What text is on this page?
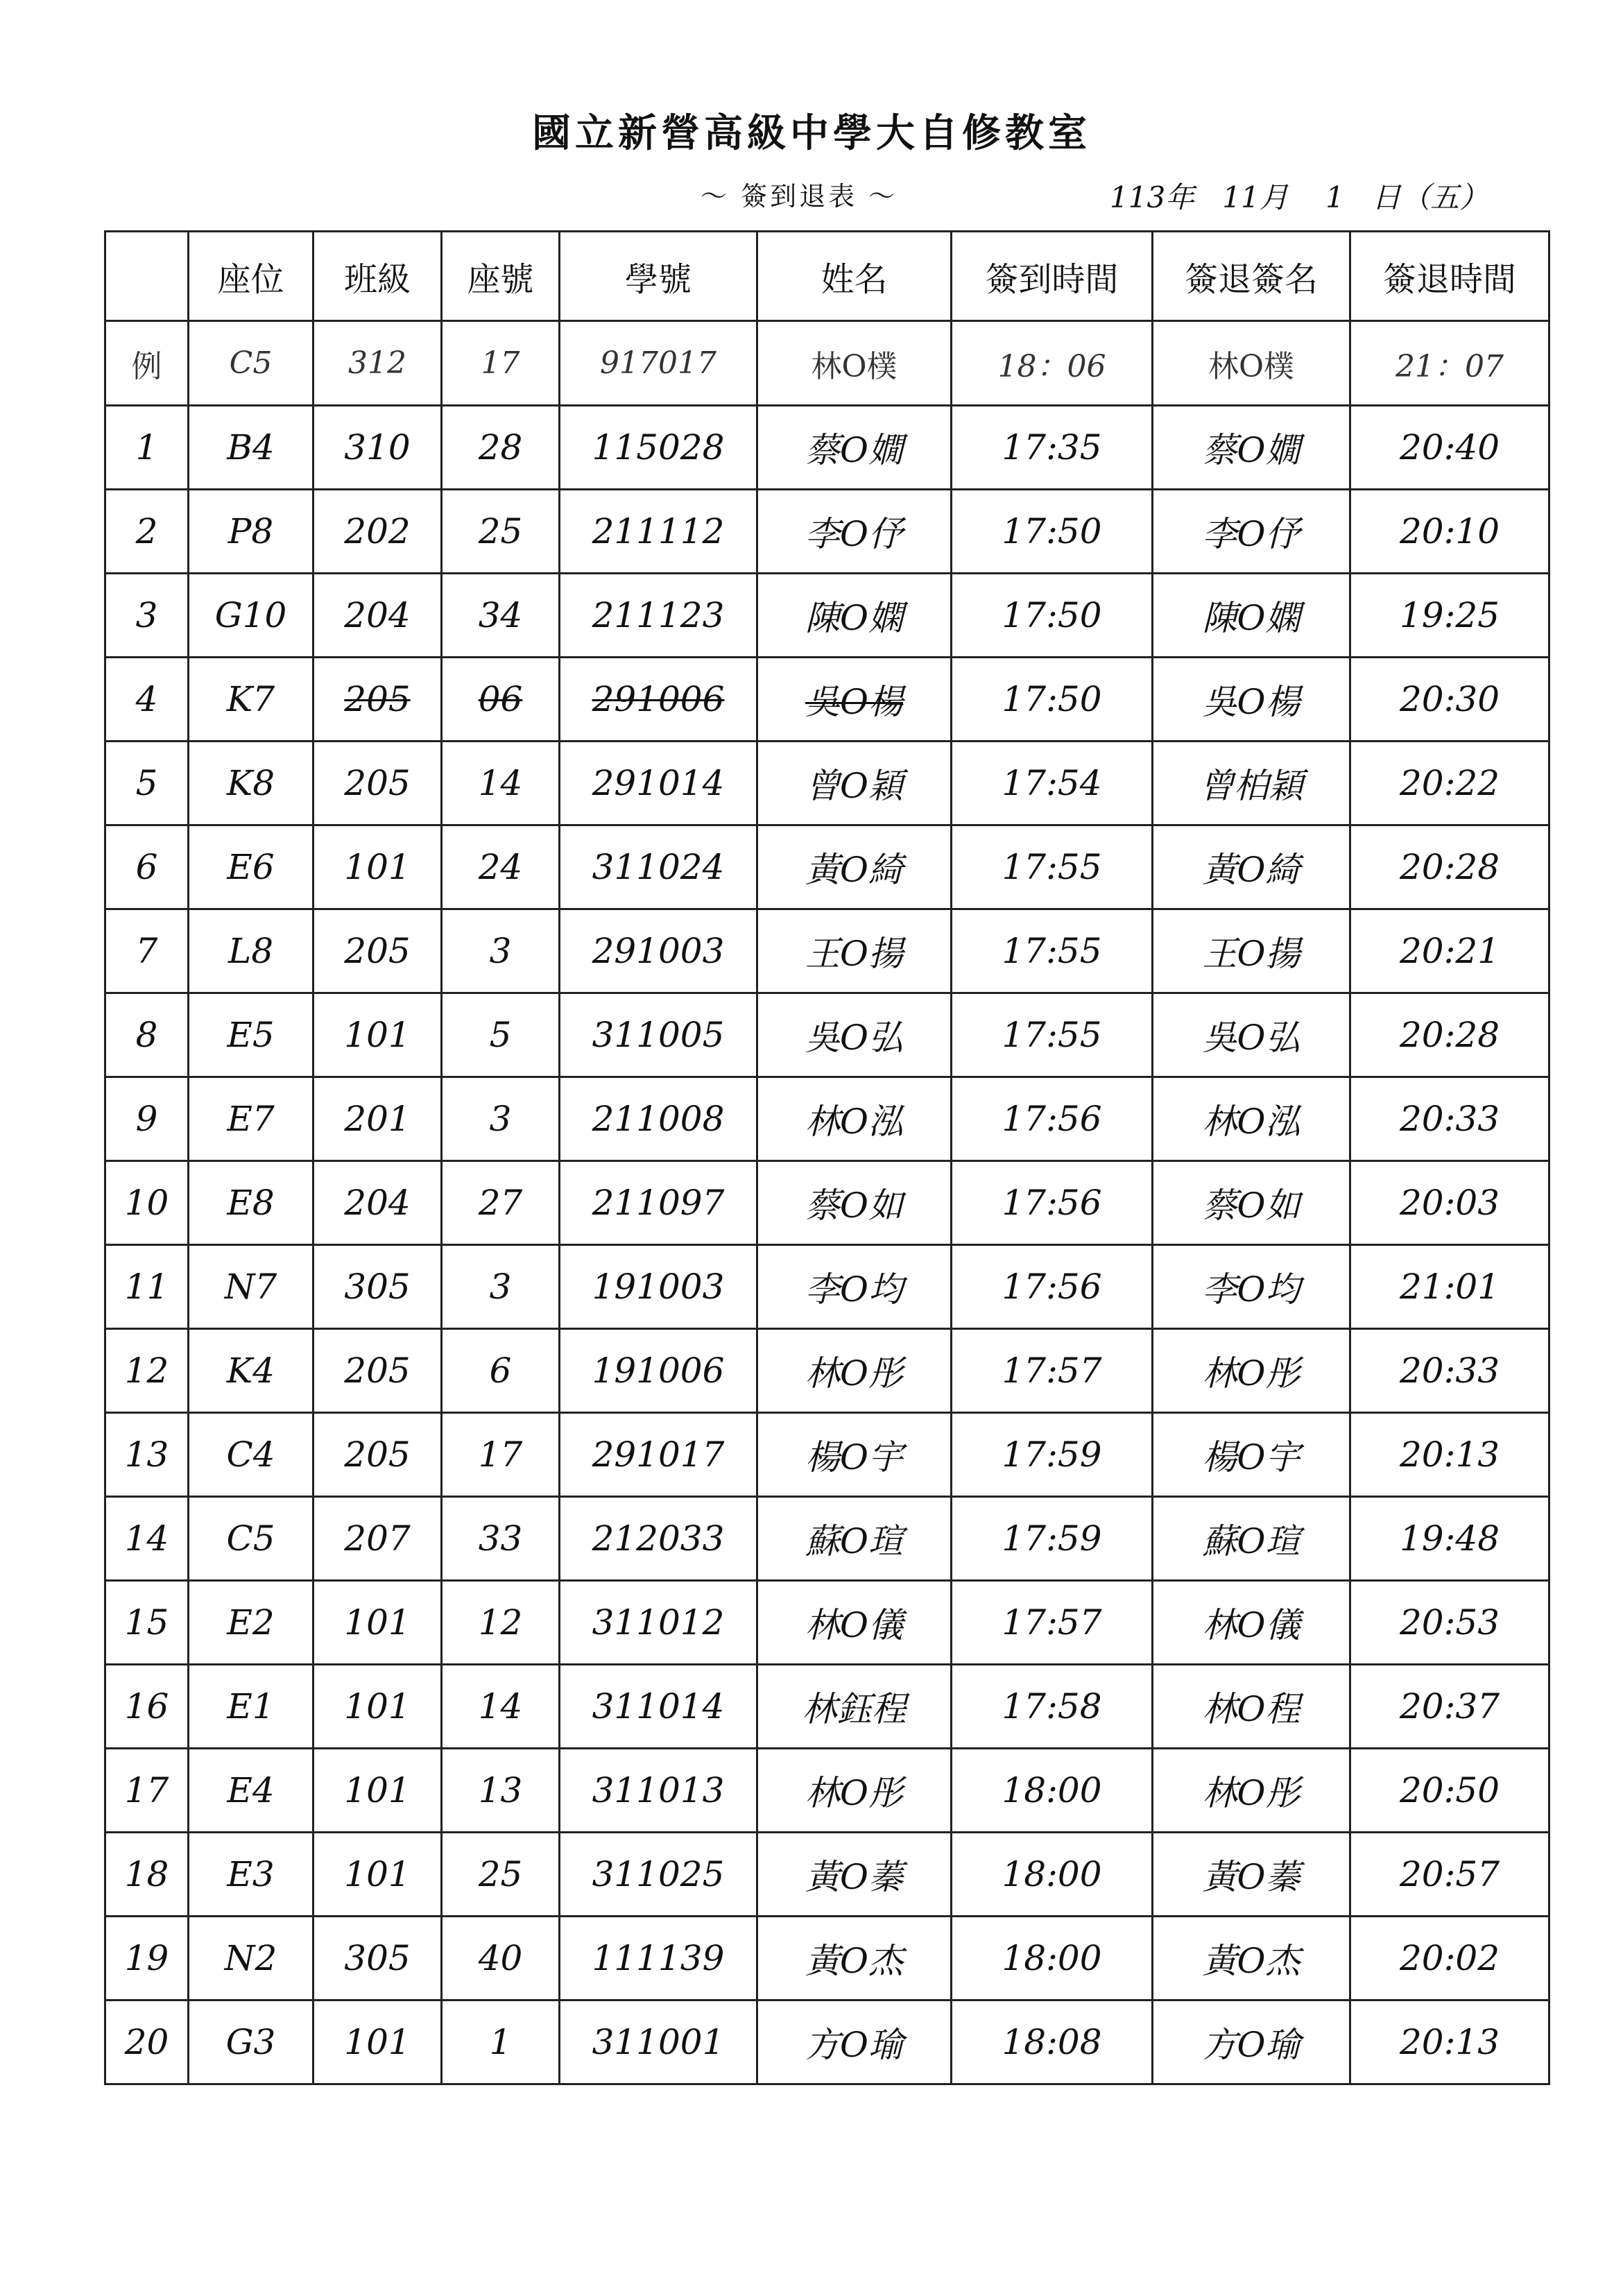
國立新營高級中學大自修教室
～ 簽到退表 ～	113年 11月 1 日（五）
	座位	班級	座號	學號	姓名	簽到時間	簽退簽名	簽退時間
例	C5	312	17	917017	林O樸	18：06	林O樸	21：07
1	B4	310	28	115028	蔡O嫺	17:35	蔡O嫺	20:40
2	P8	202	25	211112	李O伃	17:50	李O伃	20:10
3	G10	204	34	211123	陳O嫻	17:50	陳O嫻	19:25
4	K7	205	06	291006	吳O楊	17:50	吳O楊	20:30
5	K8	205	14	291014	曾O穎	17:54	曾柏穎	20:22
6	E6	101	24	311024	黃O綺	17:55	黃O綺	20:28
7	L8	205	3	291003	王O揚	17:55	王O揚	20:21
8	E5	101	5	311005	吳O弘	17:55	吳O弘	20:28
9	E7	201	3	211008	林O泓	17:56	林O泓	20:33
10	E8	204	27	211097	蔡O如	17:56	蔡O如	20:03
11	N7	305	3	191003	李O均	17:56	李O均	21:01
12	K4	205	6	191006	林O彤	17:57	林O彤	20:33
13	C4	205	17	291017	楊O宇	17:59	楊O宇	20:13
14	C5	207	33	212033	蘇O瑄	17:59	蘇O瑄	19:48
15	E2	101	12	311012	林O儀	17:57	林O儀	20:53
16	E1	101	14	311014	林鈺程	17:58	林O程	20:37
17	E4	101	13	311013	林O彤	18:00	林O彤	20:50
18	E3	101	25	311025	黃O蓁	18:00	黃O蓁	20:57
19	N2	305	40	111139	黃O杰	18:00	黃O杰	20:02
20	G3	101	1	311001	方O瑜	18:08	方O瑜	20:13
